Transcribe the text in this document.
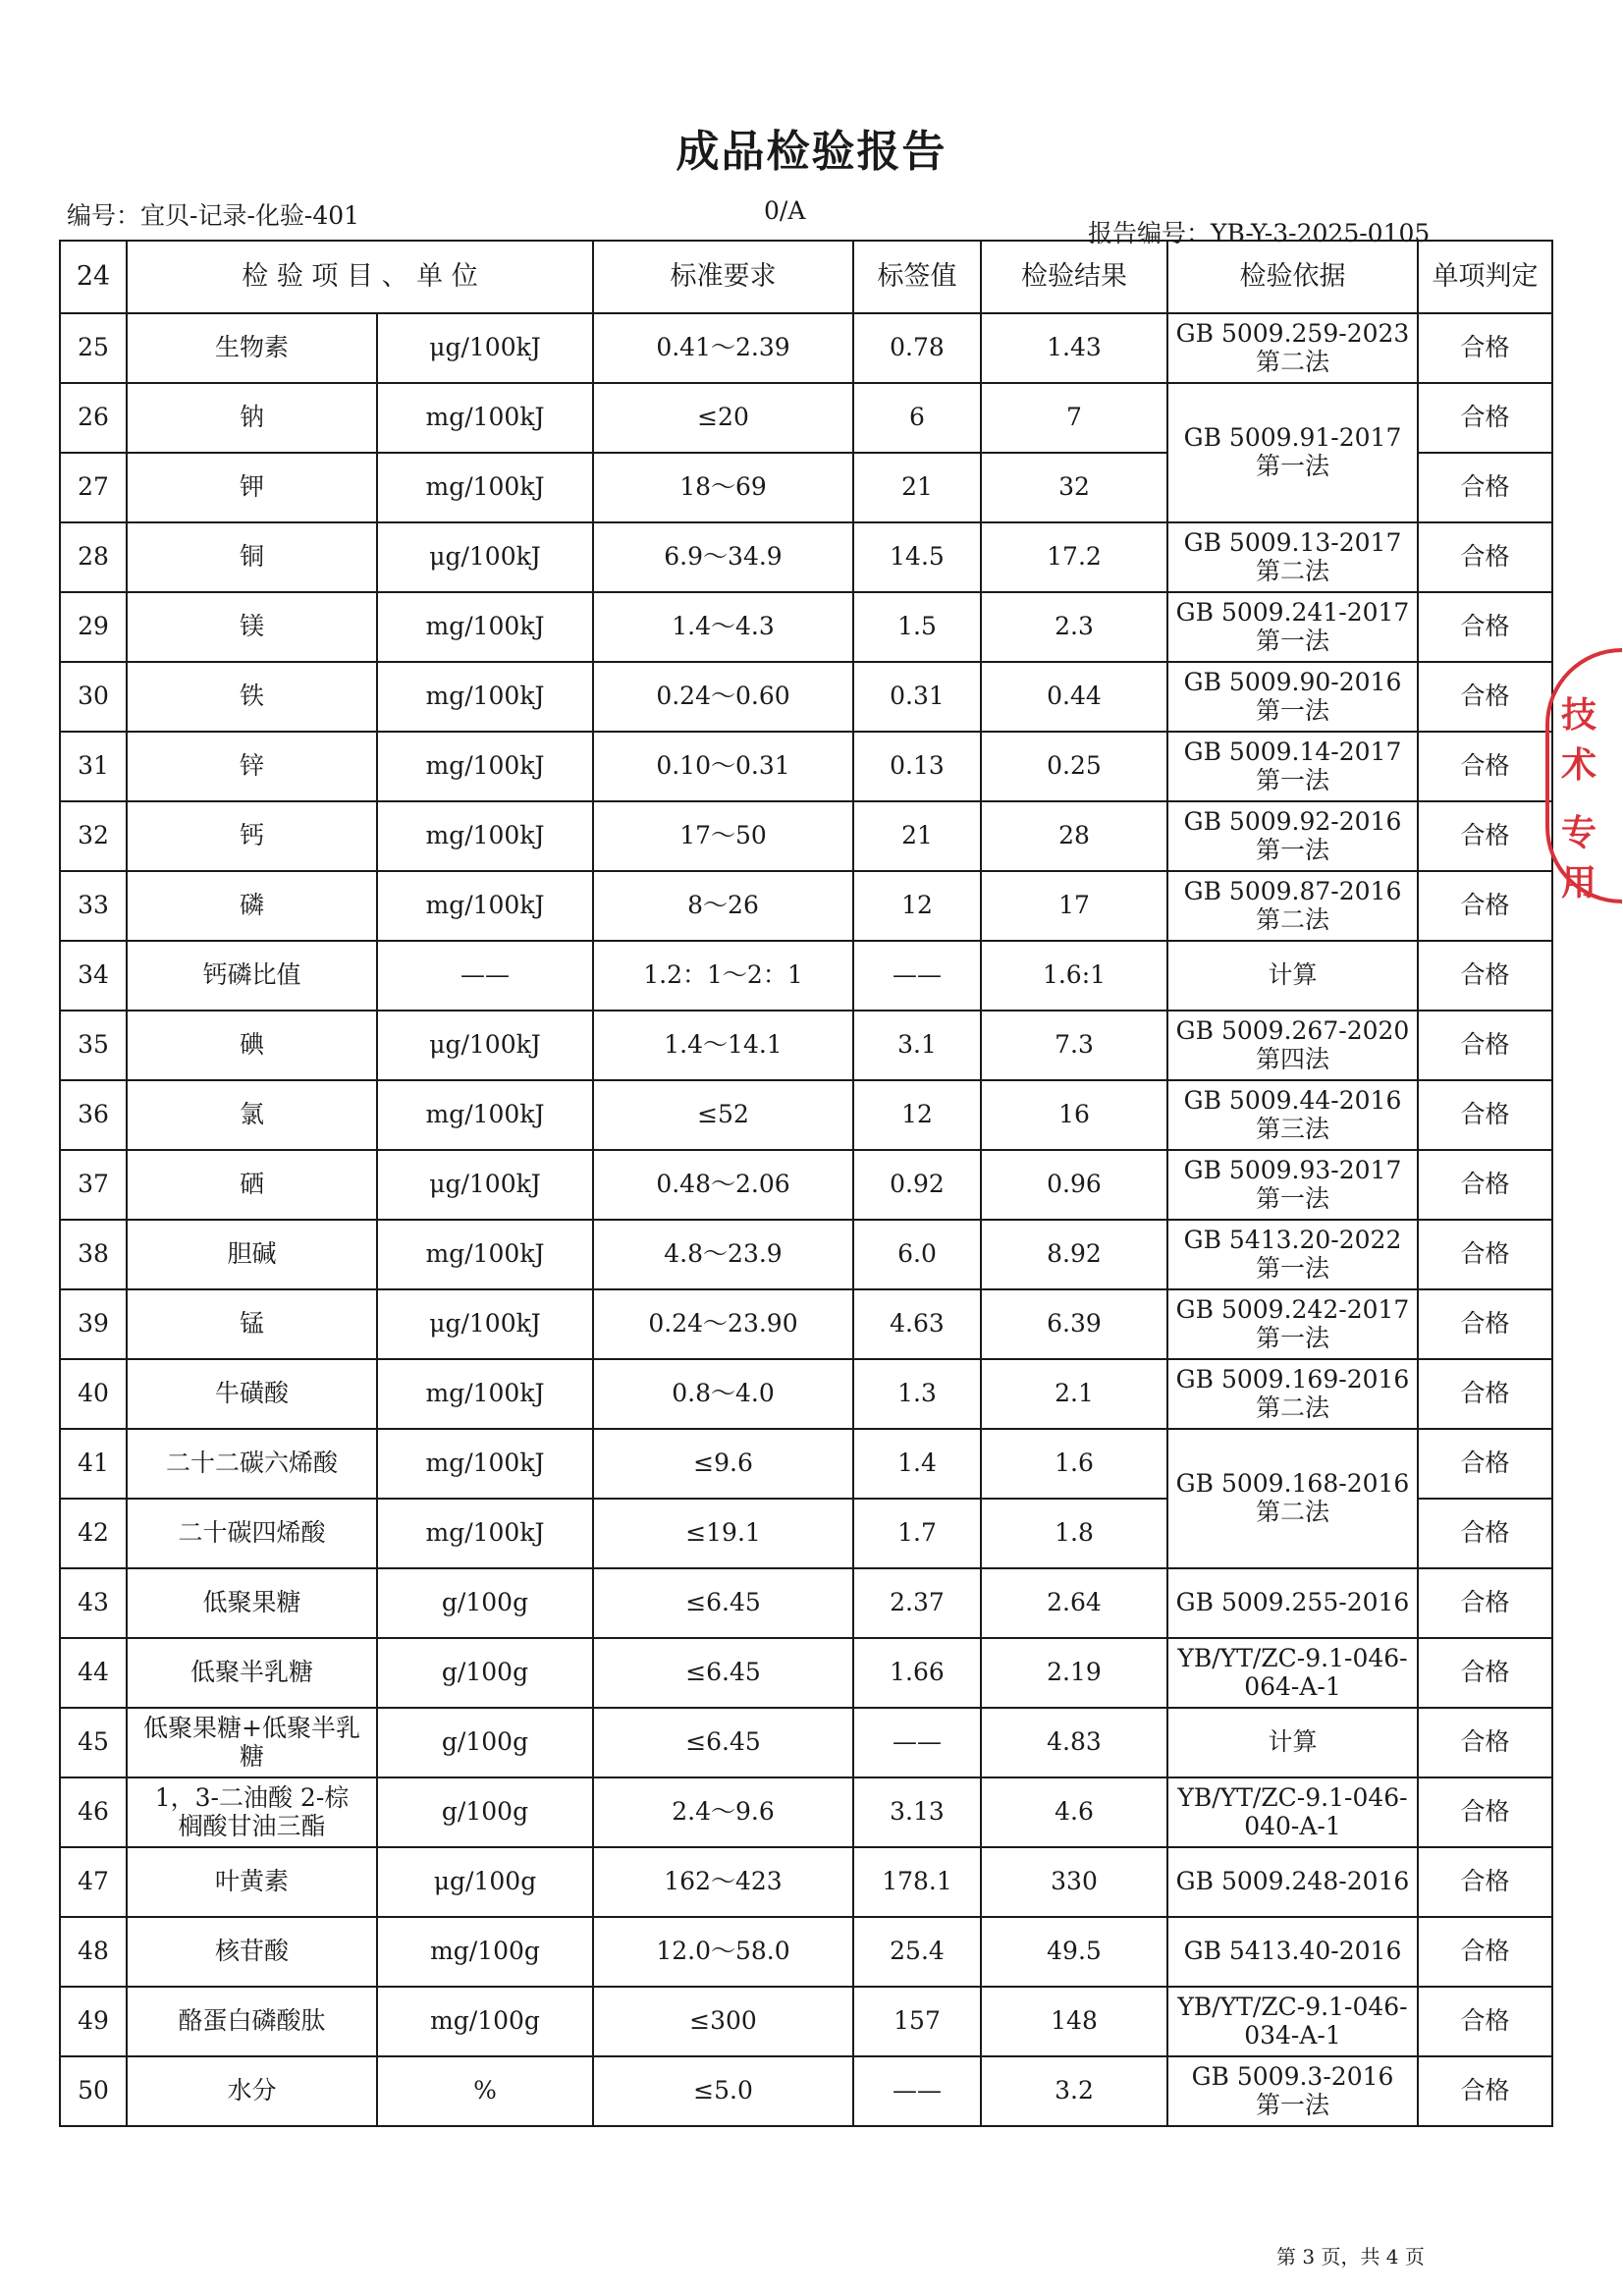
成品检验报告
编号：宜贝-记录-化验-401	0/A
报告编号：YB-Y-3-2025-0105
24	检 验 项 目 、 单 位		标准要求	标签值	检验结果	检验依据	单项判定
25	生物素	μg/100kJ	0.41～2.39	0.78	1.43	GB 5009.259-2023
第二法	合格
26	钠	mg/100kJ	≤20	6	7	GB 5009.91-2017
第一法	合格
27	钾	mg/100kJ	18～69	21	32		合格
28	铜	μg/100kJ	6.9～34.9	14.5	17.2	GB 5009.13-2017
第二法	合格
29	镁	mg/100kJ	1.4～4.3	1.5	2.3	GB 5009.241-2017
第一法	合格
30	铁	mg/100kJ	0.24～0.60	0.31	0.44	GB 5009.90-2016
第一法	合格
31	锌	mg/100kJ	0.10～0.31	0.13	0.25	GB 5009.14-2017
第一法	合格
32	钙	mg/100kJ	17～50	21	28	GB 5009.92-2016
第一法	合格
33	磷	mg/100kJ	8～26	12	17	GB 5009.87-2016
第二法	合格
34	钙磷比值	——	1.2：1～2：1	——	1.6:1	计算	合格
35	碘	μg/100kJ	1.4～14.1	3.1	7.3	GB 5009.267-2020
第四法	合格
36	氯	mg/100kJ	≤52	12	16	GB 5009.44-2016
第三法	合格
37	硒	μg/100kJ	0.48～2.06	0.92	0.96	GB 5009.93-2017
第一法	合格
38	胆碱	mg/100kJ	4.8～23.9	6.0	8.92	GB 5413.20-2022
第一法	合格
39	锰	μg/100kJ	0.24～23.90	4.63	6.39	GB 5009.242-2017
第一法	合格
40	牛磺酸	mg/100kJ	0.8～4.0	1.3	2.1	GB 5009.169-2016
第二法	合格
41	二十二碳六烯酸	mg/100kJ	≤9.6	1.4	1.6	GB 5009.168-2016
第二法	合格
42	二十碳四烯酸	mg/100kJ	≤19.1	1.7	1.8		合格
43	低聚果糖	g/100g	≤6.45	2.37	2.64	GB 5009.255-2016	合格
44	低聚半乳糖	g/100g	≤6.45	1.66	2.19	YB/YT/ZC-9.1-046-
064-A-1	合格
45	低聚果糖+低聚半乳
糖	g/100g	≤6.45	——	4.83	计算	合格
46	1，3-二油酸 2-棕
榈酸甘油三酯	g/100g	2.4～9.6	3.13	4.6	YB/YT/ZC-9.1-046-
040-A-1	合格
47	叶黄素	μg/100g	162～423	178.1	330	GB 5009.248-2016	合格
48	核苷酸	mg/100g	12.0～58.0	25.4	49.5	GB 5413.40-2016	合格
49	酪蛋白磷酸肽	mg/100g	≤300	157	148	YB/YT/ZC-9.1-046-
034-A-1	合格
50	水分	%	≤5.0	——	3.2	GB 5009.3-2016
第一法	合格
技术
专用
第 3 页，共 4 页
